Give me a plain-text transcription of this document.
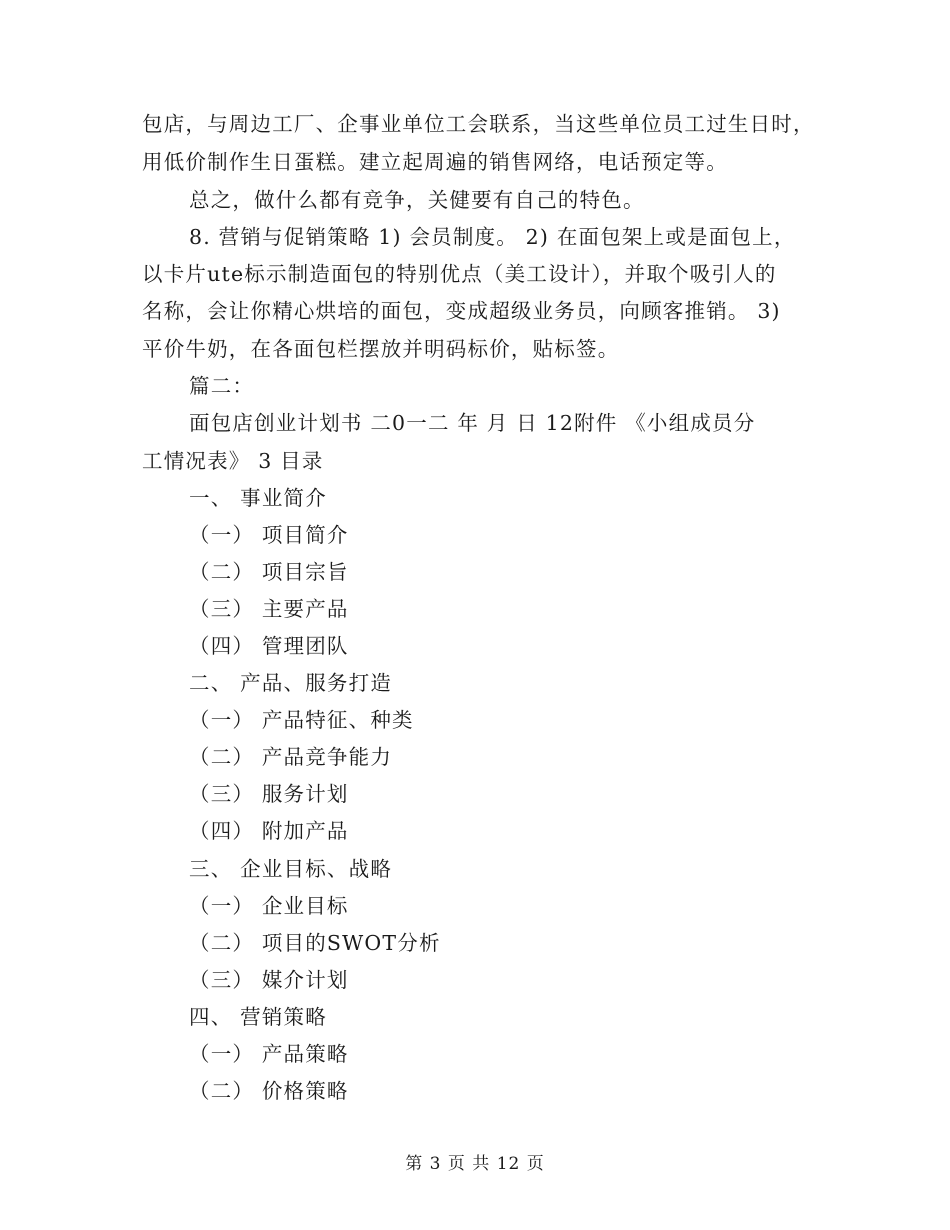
包店，与周边工厂、企事业单位工会联系，当这些单位员工过生日时，
用低价制作生日蛋糕。建立起周遍的销售网络，电话预定等。
总之，做什么都有竞争，关健要有自己的特色。
8. 营销与促销策略 1) 会员制度。 2) 在面包架上或是面包上，
以卡片ute标示制造面包的特别优点（美工设计），并取个吸引人的
名称，会让你精心烘培的面包，变成超级业务员，向顾客推销。 3)
平价牛奶，在各面包栏摆放并明码标价，贴标签。
篇二：
面包店创业计划书 二0一二 年 月 日 12附件 《小组成员分
工情况表》 3 目录
一、 事业简介
（一） 项目简介
（二） 项目宗旨
（三） 主要产品
（四） 管理团队
二、 产品、服务打造
（一） 产品特征、种类
（二） 产品竞争能力
（三） 服务计划
（四） 附加产品
三、 企业目标、战略
（一） 企业目标
（二） 项目的SWOT分析
（三） 媒介计划
四、 营销策略
（一） 产品策略
（二） 价格策略
第 3 页 共 12 页
